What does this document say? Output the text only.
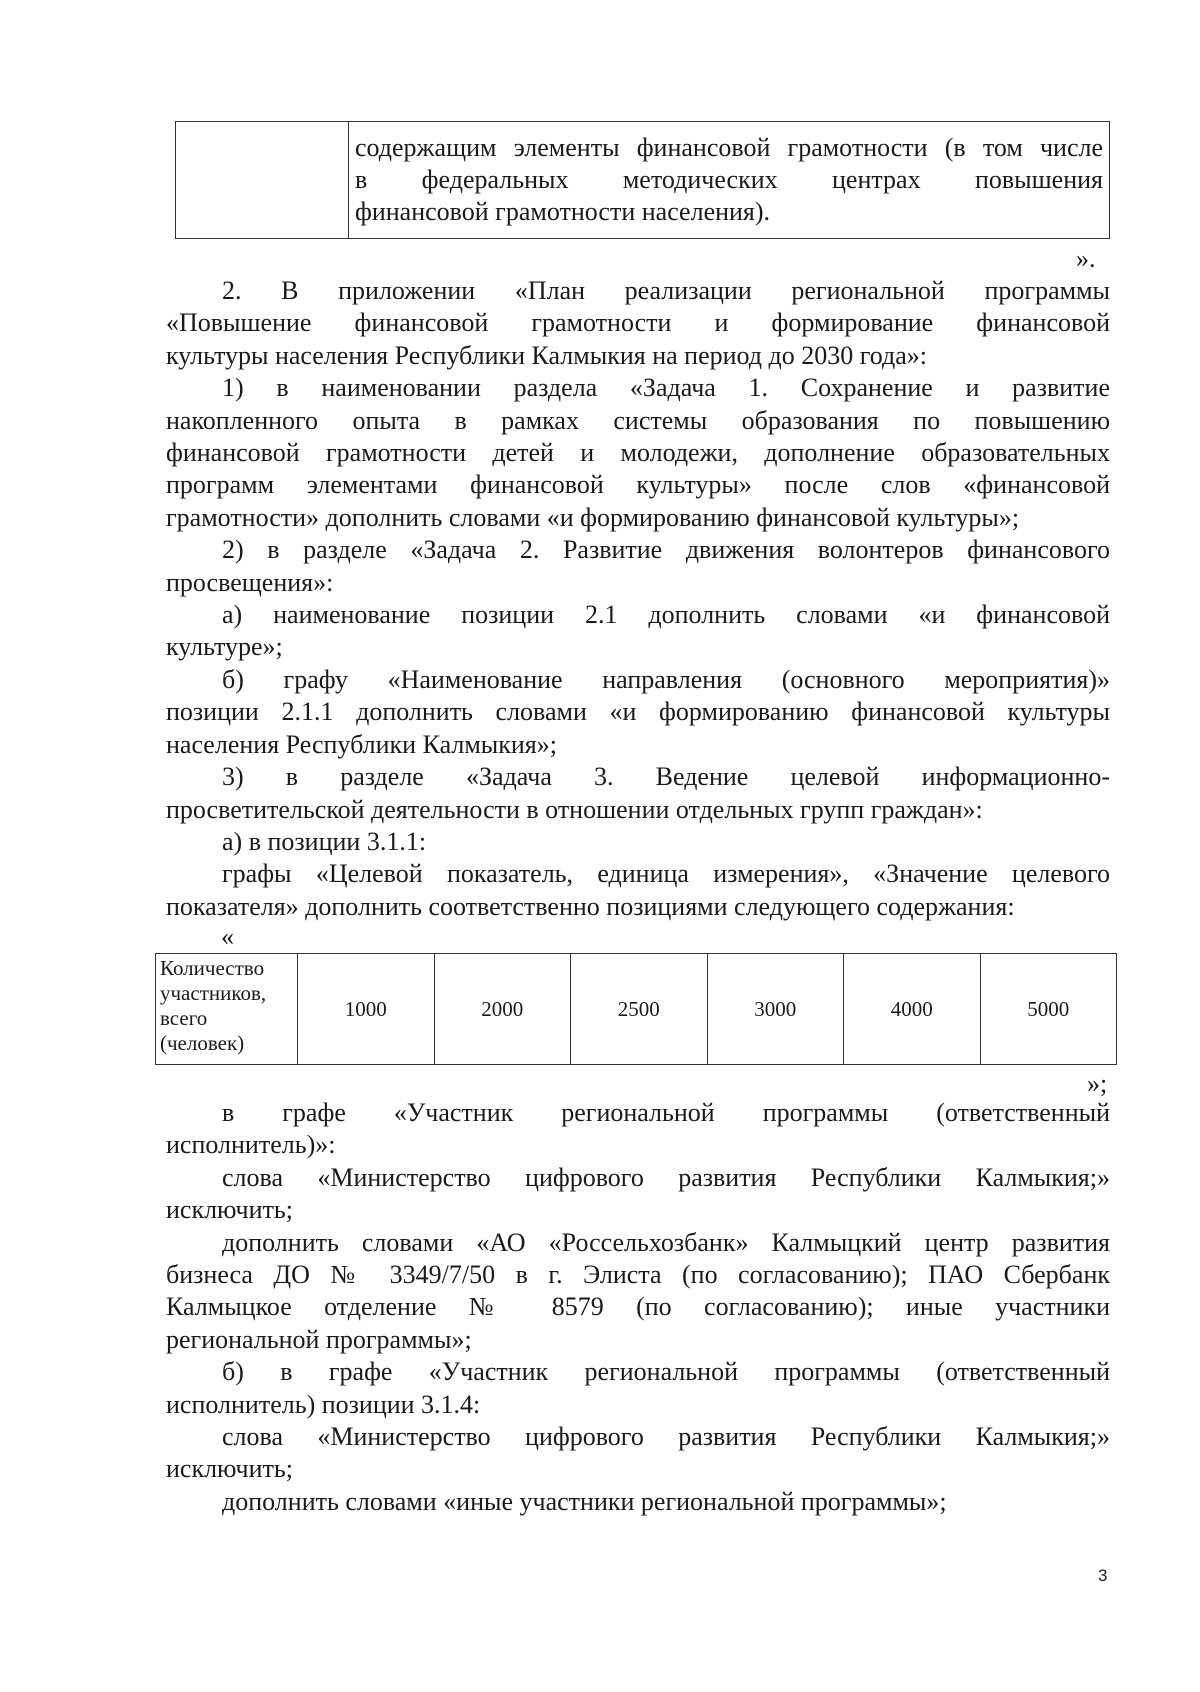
содержащим элементы финансовой грамотности (в том числе
в федеральных методических центрах повышения
финансовой грамотности населения).
».

2. В приложении «План реализации региональной программы
«Повышение финансовой грамотности и формирование финансовой
культуры населения Республики Калмыкия на период до 2030 года»:

1) в наименовании раздела «Задача 1. Сохранение и развитие
накопленного опыта в рамках системы образования по повышению
финансовой грамотности детей и молодежи, дополнение образовательных
программ элементами финансовой культуры» после слов «финансовой
грамотности» дополнить словами «и формированию финансовой культуры»;

2) в разделе «Задача 2. Развитие движения волонтеров финансового
просвещения»:

а) наименование позиции 2.1 дополнить словами «и финансовой
культуре»;

б) графу «Наименование направления (основного мероприятия)»
позиции 2.1.1 дополнить словами «и формированию финансовой культуры
населения Республики Калмыкия»;

3) в разделе «Задача 3. Ведение целевой информационно-
просветительской деятельности в отношении отдельных групп граждан»:

а) в позиции 3.1.1:

графы «Целевой показатель, единица измерения», «Значение целевого
показателя» дополнить соответственно позициями следующего содержания:

«
Количество
участников,
всего
(человек)
	1000	2000	2500	3000	4000	5000
»;

в графе «Участник региональной программы (ответственный
исполнитель)»:

слова «Министерство цифрового развития Республики Калмыкия;»
исключить;

дополнить словами «АО «Россельхозбанк» Калмыцкий центр развития
бизнеса ДО № 3349/7/50 в г. Элиста (по согласованию); ПАО Сбербанк
Калмыцкое отделение № 8579 (по согласованию); иные участники
региональной программы»;

б) в графе «Участник региональной программы (ответственный
исполнитель) позиции 3.1.4:

слова «Министерство цифрового развития Республики Калмыкия;»
исключить;

дополнить словами «иные участники региональной программы»;

3
